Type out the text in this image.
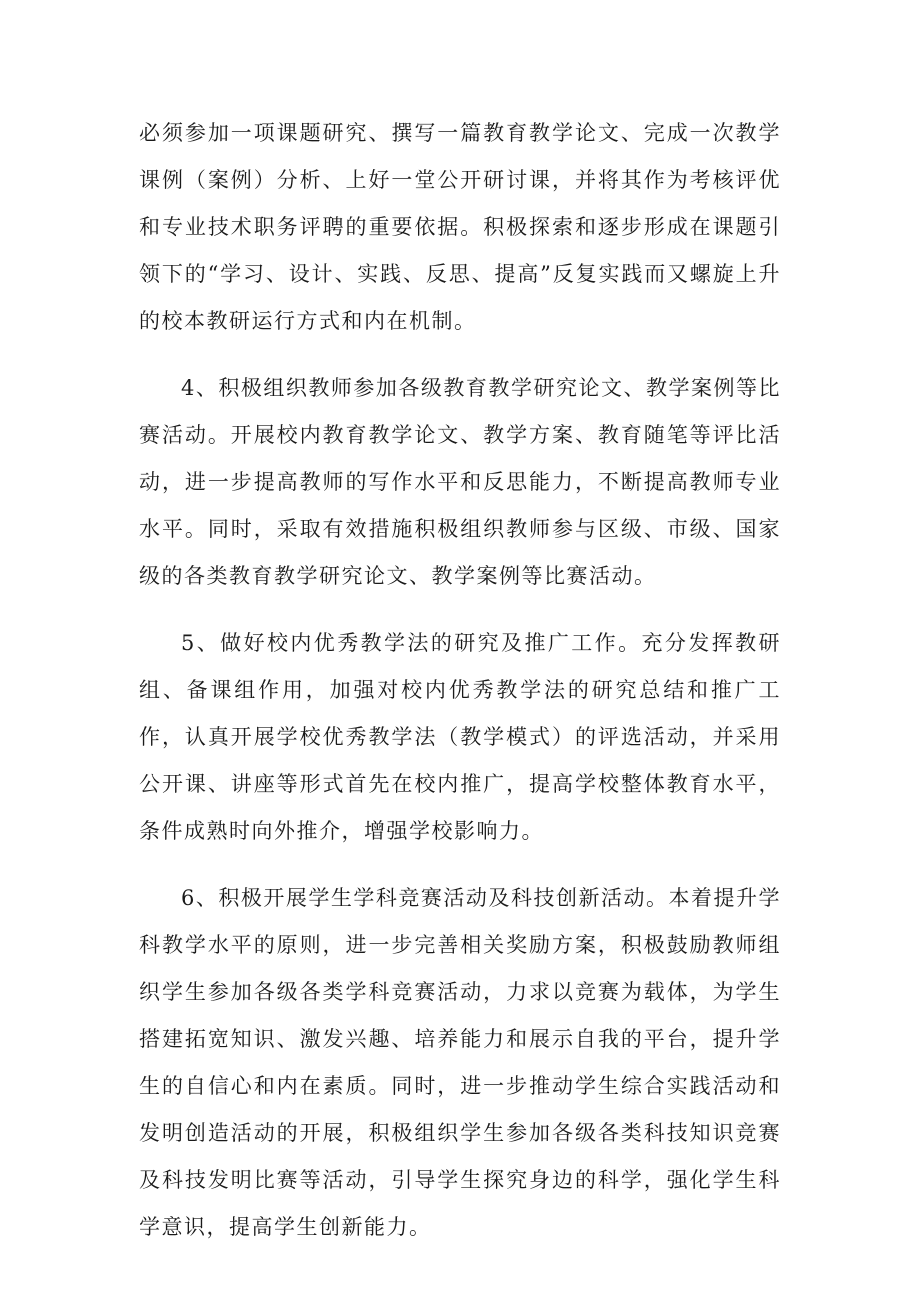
必须参加一项课题研究、撰写一篇教育教学论文、完成一次教学课例（案例）分析、上好一堂公开研讨课，并将其作为考核评优和专业技术职务评聘的重要依据。积极探索和逐步形成在课题引领下的“学习、设计、实践、反思、提高”反复实践而又螺旋上升的校本教研运行方式和内在机制。

4、积极组织教师参加各级教育教学研究论文、教学案例等比赛活动。开展校内教育教学论文、教学方案、教育随笔等评比活动，进一步提高教师的写作水平和反思能力，不断提高教师专业水平。同时，采取有效措施积极组织教师参与区级、市级、国家级的各类教育教学研究论文、教学案例等比赛活动。

5、做好校内优秀教学法的研究及推广工作。充分发挥教研组、备课组作用，加强对校内优秀教学法的研究总结和推广工作，认真开展学校优秀教学法（教学模式）的评选活动，并采用公开课、讲座等形式首先在校内推广，提高学校整体教育水平，条件成熟时向外推介，增强学校影响力。

6、积极开展学生学科竞赛活动及科技创新活动。本着提升学科教学水平的原则，进一步完善相关奖励方案，积极鼓励教师组织学生参加各级各类学科竞赛活动，力求以竞赛为载体，为学生搭建拓宽知识、激发兴趣、培养能力和展示自我的平台，提升学生的自信心和内在素质。同时，进一步推动学生综合实践活动和发明创造活动的开展，积极组织学生参加各级各类科技知识竞赛及科技发明比赛等活动，引导学生探究身边的科学，强化学生科学意识，提高学生创新能力。
